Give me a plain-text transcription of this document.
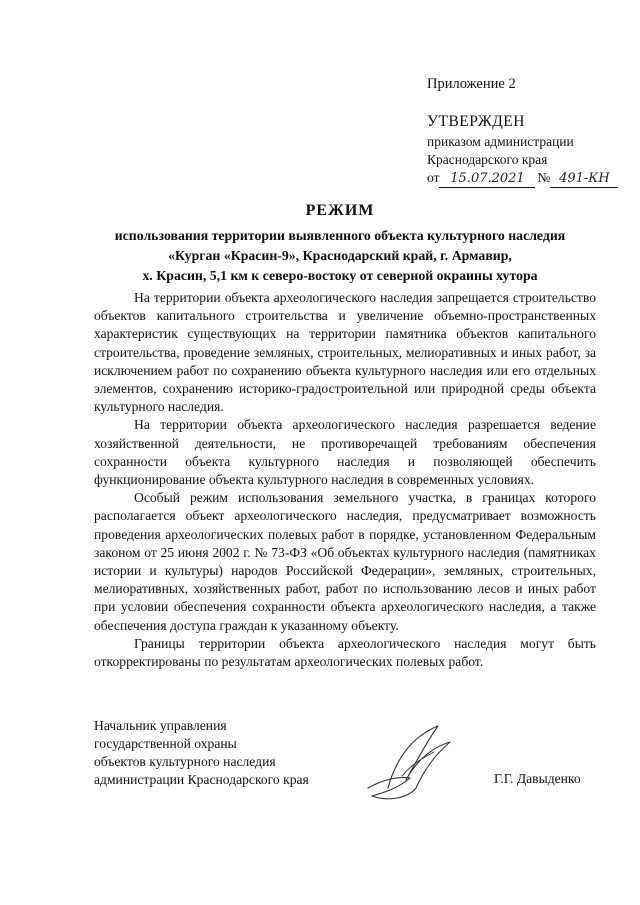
Приложение 2
УТВЕРЖДЕН
приказом администрации
Краснодарского края
от 15.07.2021 № 491-КН
РЕЖИМ
использования территории выявленного объекта культурного наследия
«Курган «Красин-9», Краснодарский край, г. Армавир,
х. Красин, 5,1 км к северо-востоку от северной окраины хутора

На территории объекта археологического наследия запрещается строительство объектов капитального строительства и увеличение объемно-пространственных характеристик существующих на территории памятника объектов капитального строительства, проведение земляных, строительных, мелиоративных и иных работ, за исключением работ по сохранению объекта культурного наследия или его отдельных элементов, сохранению историко-градостроительной или природной среды объекта культурного наследия.

На территории объекта археологического наследия разрешается ведение хозяйственной деятельности, не противоречащей требованиям обеспечения сохранности объекта культурного наследия и позволяющей обеспечить функционирование объекта культурного наследия в современных условиях.

Особый режим использования земельного участка, в границах которого располагается объект археологического наследия, предусматривает возможность проведения археологических полевых работ в порядке, установленном Федеральным законом от 25 июня 2002 г. № 73-ФЗ «Об объектах культурного наследия (памятниках истории и культуры) народов Российской Федерации», земляных, строительных, мелиоративных, хозяйственных работ, работ по использованию лесов и иных работ при условии обеспечения сохранности объекта археологического наследия, а также обеспечения доступа граждан к указанному объекту.

Границы территории объекта археологического наследия могут быть откорректированы по результатам археологических полевых работ.

Начальник управления
государственной охраны
объектов культурного наследия
администрации Краснодарского края	Г.Г. Давыденко
